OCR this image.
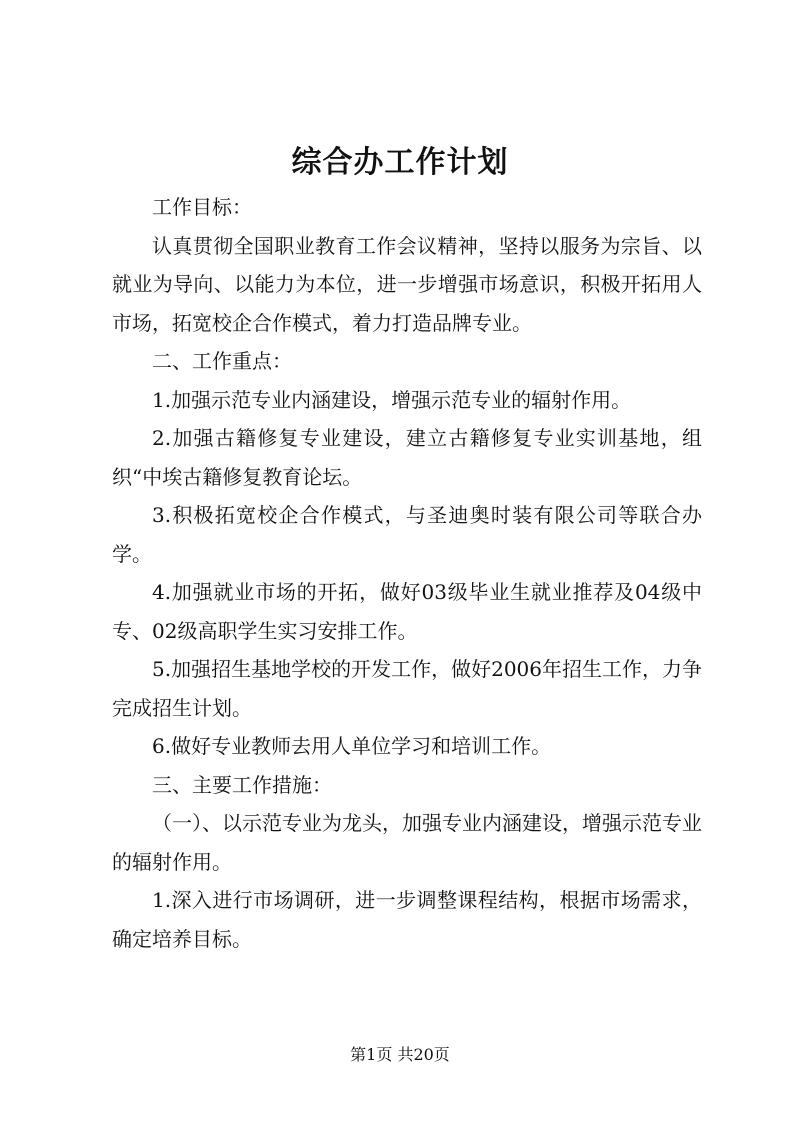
综合办工作计划

工作目标：

认真贯彻全国职业教育工作会议精神，坚持以服务为宗旨、以就业为导向、以能力为本位，进一步增强市场意识，积极开拓用人市场，拓宽校企合作模式，着力打造品牌专业。

二、工作重点：

1.加强示范专业内涵建设，增强示范专业的辐射作用。

2.加强古籍修复专业建设，建立古籍修复专业实训基地，组织“中埃古籍修复教育论坛。

3.积极拓宽校企合作模式，与圣迪奥时装有限公司等联合办学。

4.加强就业市场的开拓，做好03级毕业生就业推荐及04级中专、02级高职学生实习安排工作。

5.加强招生基地学校的开发工作，做好2006年招生工作，力争完成招生计划。

6.做好专业教师去用人单位学习和培训工作。

三、主要工作措施：

（一）、以示范专业为龙头，加强专业内涵建设，增强示范专业的辐射作用。

1.深入进行市场调研，进一步调整课程结构，根据市场需求，确定培养目标。

第1页 共20页
